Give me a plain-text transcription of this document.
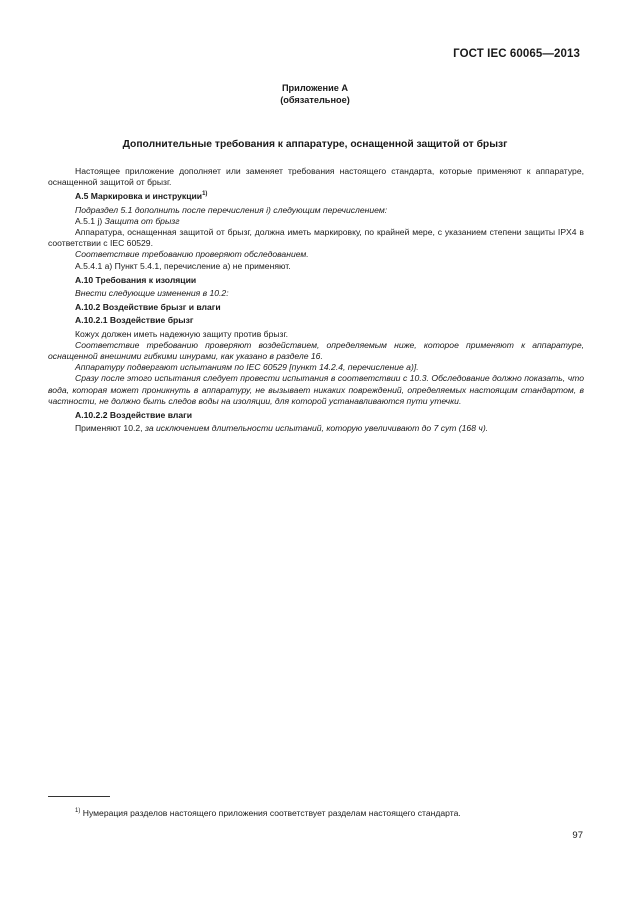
ГОСТ IEC 60065—2013
Приложение А
(обязательное)
Дополнительные требования к аппаратуре, оснащенной защитой от брызг

Настоящее приложение дополняет или заменяет требования настоящего стандарта, которые применяют к аппаратуре, оснащенной защитой от брызг.

А.5 Маркировка и инструкции$^{1)}$

Подраздел 5.1 дополнить после перечисления i) следующим перечислением:

А.5.1 j) Защита от брызг

Аппаратура, оснащенная защитой от брызг, должна иметь маркировку, по крайней мере, с указанием степени защиты IPX4 в соответствии с IEC 60529.

Соответствие требованию проверяют обследованием.

А.5.4.1 а) Пункт 5.4.1, перечисление а) не применяют.

А.10 Требования к изоляции

Внести следующие изменения в 10.2:

А.10.2 Воздействие брызг и влаги
А.10.2.1 Воздействие брызг

Кожух должен иметь надежную защиту против брызг.

Соответствие требованию проверяют воздействием, определяемым ниже, которое применяют к аппаратуре, оснащенной внешними гибкими шнурами, как указано в разделе 16.

Аппаратуру подвергают испытаниям по IEC 60529 [пункт 14.2.4, перечисление а)].

Сразу после этого испытания следует провести испытания в соответствии с 10.3. Обследование должно показать, что вода, которая может проникнуть в аппаратуру, не вызывает никаких повреждений, определяемых настоящим стандартом, в частности, не должно быть следов воды на изоляции, для которой устанавливаются пути утечки.

А.10.2.2 Воздействие влаги

Применяют 10.2, за исключением длительности испытаний, которую увеличивают до 7 сут (168 ч).

$^{1)}$ Нумерация разделов настоящего приложения соответствует разделам настоящего стандарта.
97
